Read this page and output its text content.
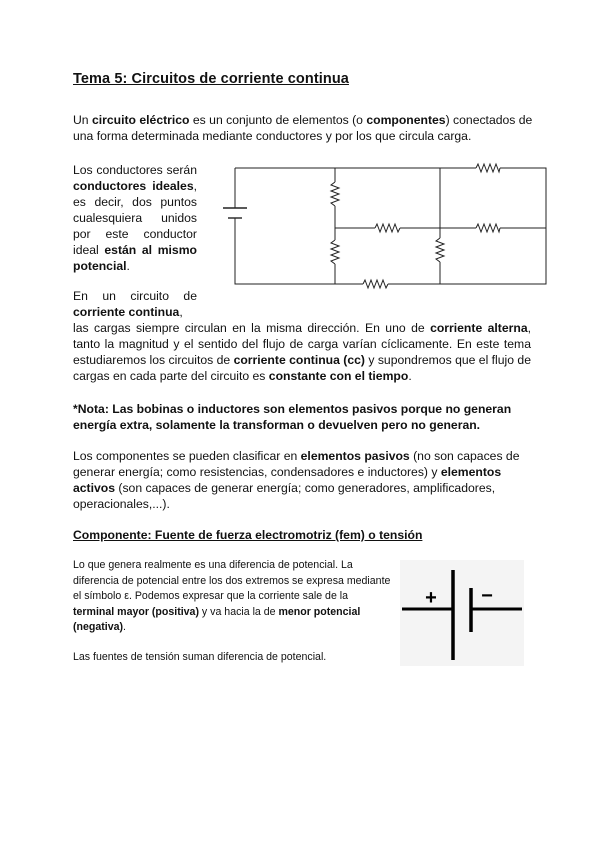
Tema 5: Circuitos de corriente continua
Un circuito eléctrico es un conjunto de elementos (o componentes) conectados de una forma determinada mediante conductores y por los que circula carga.
Los conductores serán conductores ideales, es decir, dos puntos cualesquiera unidos por este conductor ideal están al mismo potencial.
En un circuito de corriente continua,
las cargas siempre circulan en la misma dirección. En uno de corriente alterna, tanto la magnitud y el sentido del flujo de carga varían cíclicamente. En este tema estudiaremos los circuitos de corriente continua (cc) y supondremos que el flujo de cargas en cada parte del circuito es constante con el tiempo.
*Nota: Las bobinas o inductores son elementos pasivos porque no generan energía extra, solamente la transforman o devuelven pero no generan.
Los componentes se pueden clasificar en elementos pasivos (no son capaces de generar energía; como resistencias, condensadores e inductores) y elementos activos (son capaces de generar energía; como generadores, amplificadores, operacionales,...).
Componente: Fuente de fuerza electromotriz (fem) o tensión
Lo que genera realmente es una diferencia de potencial. La diferencia de potencial entre los dos extremos se expresa mediante el símbolo ε. Podemos expresar que la corriente sale de la terminal mayor (positiva) y va hacia la de menor potencial (negativa).
Las fuentes de tensión suman diferencia de potencial.
+ −
